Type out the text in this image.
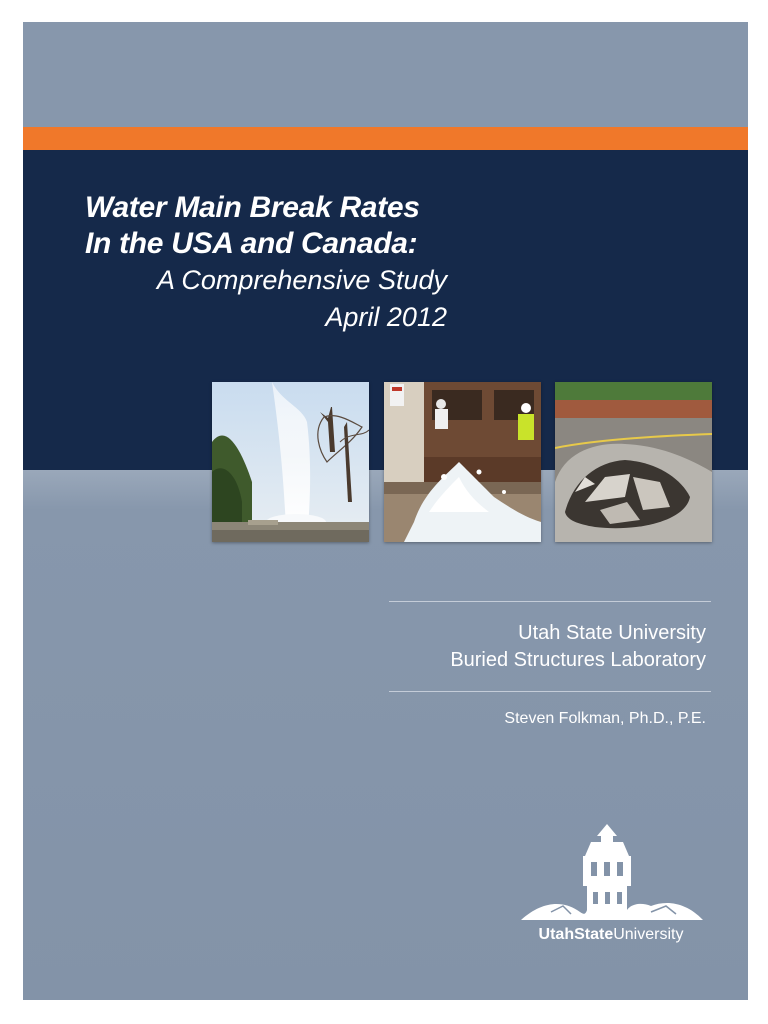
Water Main Break Rates
In the USA and Canada:
A Comprehensive Study
April 2012
Utah State University
Buried Structures Laboratory
Steven Folkman, Ph.D., P.E.
UtahStateUniversity
